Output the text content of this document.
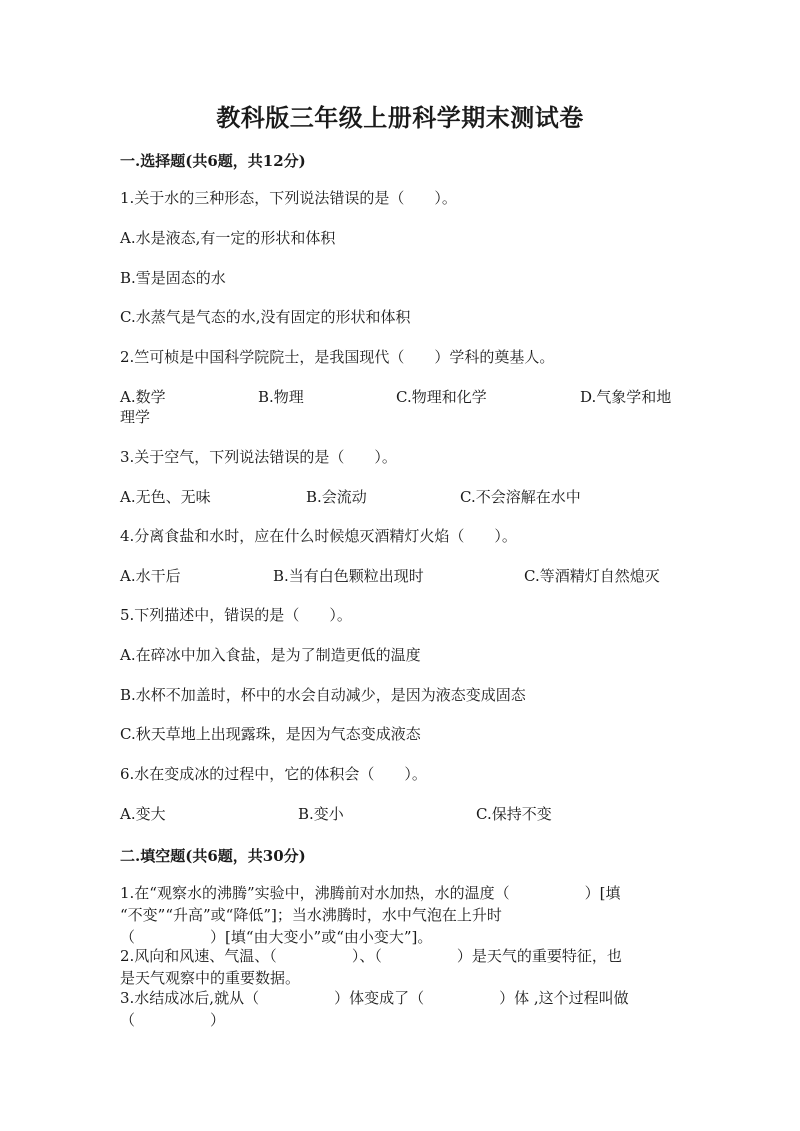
教科版三年级上册科学期末测试卷
一.选择题(共6题，共12分)
1.关于水的三种形态，下列说法错误的是（　　）。
A.水是液态,有一定的形状和体积
B.雪是固态的水
C.水蒸气是气态的水,没有固定的形状和体积
2.竺可桢是中国科学院院士，是我国现代（　　）学科的奠基人。
A.数学	B.物理	C.物理和化学	D.气象学和地
理学
3.关于空气，下列说法错误的是（　　）。
A.无色、无味	B.会流动	C.不会溶解在水中
4.分离食盐和水时，应在什么时候熄灭酒精灯火焰（　　）。
A.水干后	B.当有白色颗粒出现时	C.等酒精灯自然熄灭
5.下列描述中，错误的是（　　）。
A.在碎冰中加入食盐，是为了制造更低的温度
B.水杯不加盖时，杯中的水会自动减少，是因为液态变成固态
C.秋天草地上出现露珠，是因为气态变成液态
6.水在变成冰的过程中，它的体积会（　　）。
A.变大	B.变小	C.保持不变
二.填空题(共6题，共30分)
1.在“观察水的沸腾”实验中，沸腾前对水加热，水的温度（　　　　　）[填
“不变”“升高”或“降低”]；当水沸腾时，水中气泡在上升时
（　　　　　）[填“由大变小”或“由小变大”]。
2.风向和风速、气温、（　　　　　）、（　　　　　）是天气的重要特征，也
是天气观察中的重要数据。
3.水结成冰后,就从（　　　　　）体变成了（　　　　　）体 ,这个过程叫做
（　　　　　）
